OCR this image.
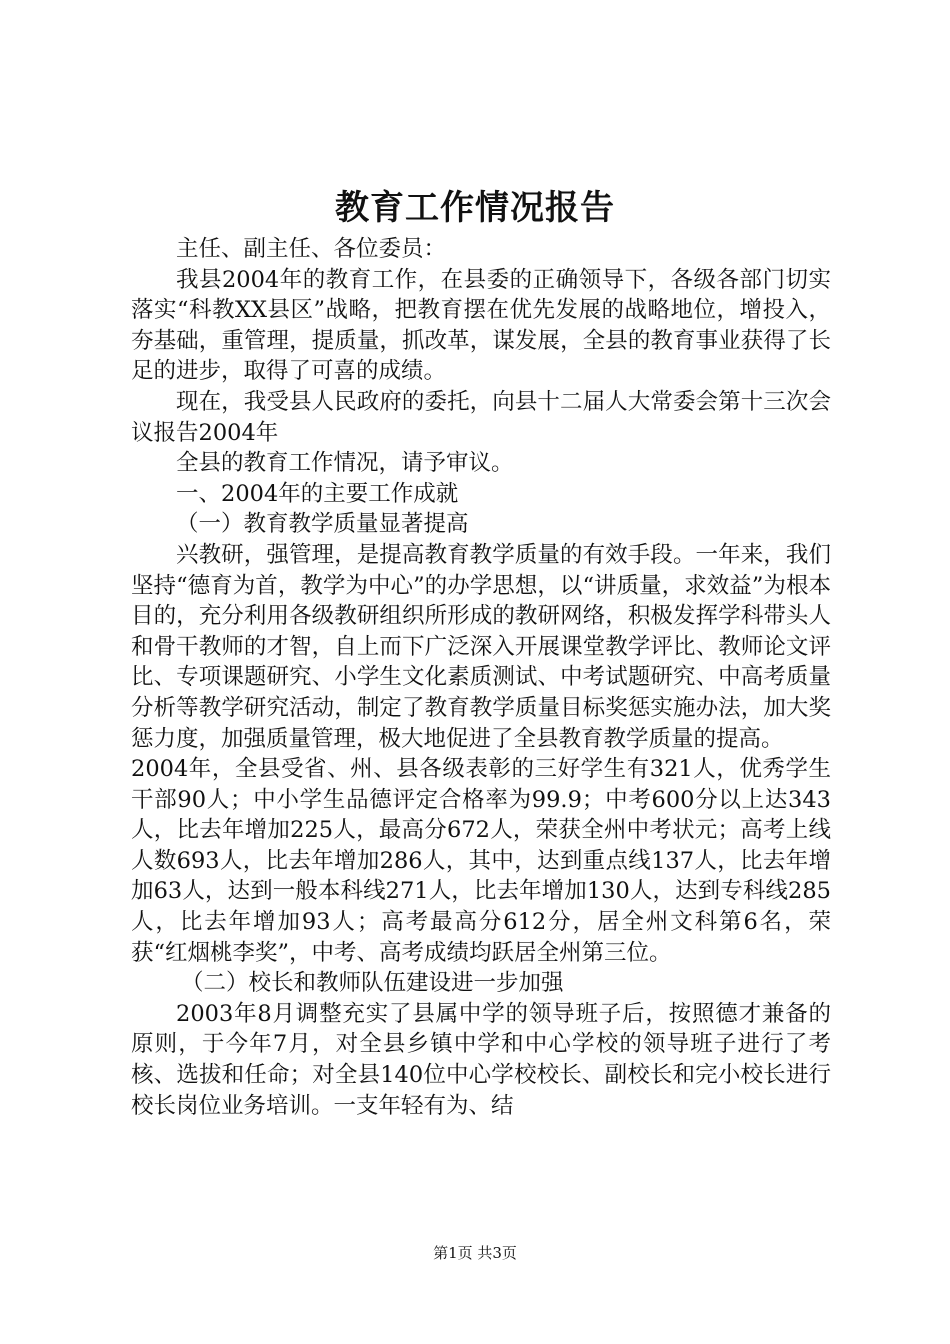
教育工作情况报告

主任、副主任、各位委员：

我县2004年的教育工作，在县委的正确领导下，各级各部门切实落实“科教XX县区”战略，把教育摆在优先发展的战略地位，增投入，夯基础，重管理，提质量，抓改革，谋发展，全县的教育事业获得了长足的进步，取得了可喜的成绩。

现在，我受县人民政府的委托，向县十二届人大常委会第十三次会议报告2004年

全县的教育工作情况，请予审议。

一、2004年的主要工作成就

（一）教育教学质量显著提高

兴教研，强管理，是提高教育教学质量的有效手段。一年来，我们坚持“德育为首，教学为中心”的办学思想，以“讲质量，求效益”为根本目的，充分利用各级教研组织所形成的教研网络，积极发挥学科带头人和骨干教师的才智，自上而下广泛深入开展课堂教学评比、教师论文评比、专项课题研究、小学生文化素质测试、中考试题研究、中高考质量分析等教学研究活动，制定了教育教学质量目标奖惩实施办法，加大奖惩力度，加强质量管理，极大地促进了全县教育教学质量的提高。

2004年，全县受省、州、县各级表彰的三好学生有321人，优秀学生干部90人；中小学生品德评定合格率为99.9；中考600分以上达343人，比去年增加225人，最高分672人，荣获全州中考状元；高考上线人数693人，比去年增加286人，其中，达到重点线137人，比去年增加63人，达到一般本科线271人，比去年增加130人，达到专科线285人，比去年增加93人；高考最高分612分，居全州文科第6名，荣获“红烟桃李奖”，中考、高考成绩均跃居全州第三位。

（二）校长和教师队伍建设进一步加强

2003年8月调整充实了县属中学的领导班子后，按照德才兼备的原则，于今年7月，对全县乡镇中学和中心学校的领导班子进行了考核、选拔和任命；对全县140位中心学校校长、副校长和完小校长进行校长岗位业务培训。一支年轻有为、结

第1页 共3页
